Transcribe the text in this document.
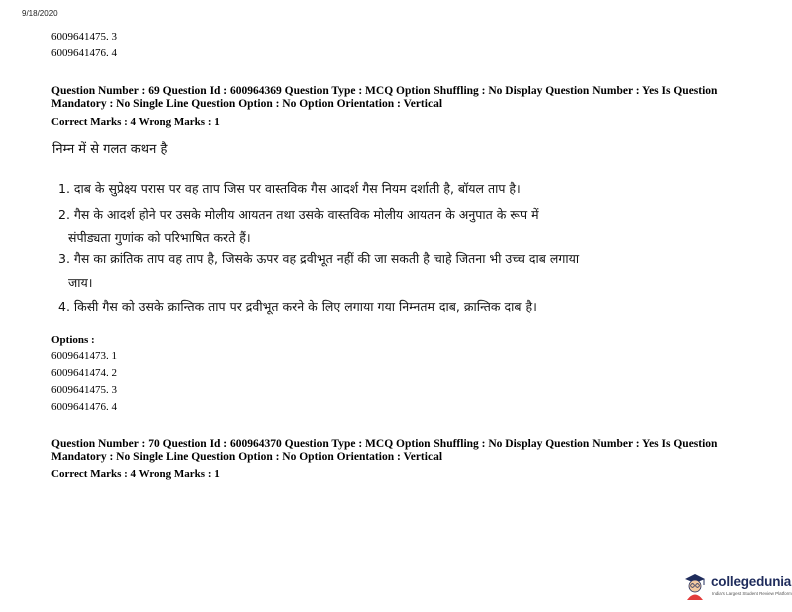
9/18/2020
6009641475. 3
6009641476. 4
Question Number : 69 Question Id : 600964369 Question Type : MCQ Option Shuffling : No Display Question Number : Yes Is Question
Mandatory : No Single Line Question Option : No Option Orientation : Vertical
Correct Marks : 4 Wrong Marks : 1
निम्न में से गलत कथन है
1. दाब के सुप्रेक्ष्य परास पर वह ताप जिस पर वास्तविक गैस आदर्श गैस नियम दर्शाती है, बॉयल ताप है।
2. गैस के आदर्श होने पर उसके मोलीय आयतन तथा उसके वास्तविक मोलीय आयतन के अनुपात के रूप में
संपीड्यता गुणांक को परिभाषित करते हैं।
3. गैस का क्रांतिक ताप वह ताप है, जिसके ऊपर वह द्रवीभूत नहीं की जा सकती है चाहे जितना भी उच्च दाब लगाया
जाय।
4. किसी गैस को उसके क्रान्तिक ताप पर द्रवीभूत करने के लिए लगाया गया निम्नतम दाब, क्रान्तिक दाब है।
Options :
6009641473. 1
6009641474. 2
6009641475. 3
6009641476. 4
Question Number : 70 Question Id : 600964370 Question Type : MCQ Option Shuffling : No Display Question Number : Yes Is Question
Mandatory : No Single Line Question Option : No Option Orientation : Vertical
Correct Marks : 4 Wrong Marks : 1
collegedunia
India's Largest Student Review Platform
